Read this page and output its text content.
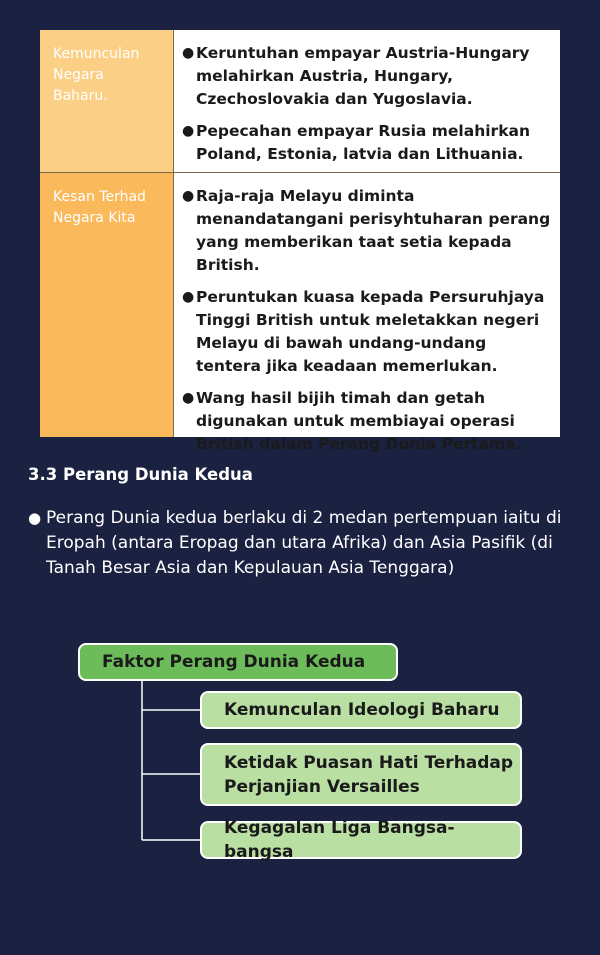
Kemunculan Negara Baharu.
● Keruntuhan empayar Austria-Hungary melahirkan Austria, Hungary, Czechoslovakia dan Yugoslavia.
● Pepecahan empayar Rusia melahirkan Poland, Estonia, latvia dan Lithuania.
Kesan Terhad Negara Kita
● Raja-raja Melayu diminta menandatangani perisyhtuharan perang yang memberikan taat setia kepada British.
● Peruntukan kuasa kepada Persuruhjaya Tinggi British untuk meletakkan negeri Melayu di bawah undang-undang tentera jika keadaan memerlukan.
● Wang hasil bijih timah dan getah digunakan untuk membiayai operasi British dalam Perang Dunia Pertama.
3.3 Perang Dunia Kedua
● Perang Dunia kedua berlaku di 2 medan pertempuan iaitu di Eropah (antara Eropag dan utara Afrika) dan Asia Pasifik (di Tanah Besar Asia dan Kepulauan Asia Tenggara)
Faktor Perang Dunia Kedua
Kemunculan Ideologi Baharu
Ketidak Puasan Hati Terhadap Perjanjian Versailles
Kegagalan Liga Bangsa-bangsa
